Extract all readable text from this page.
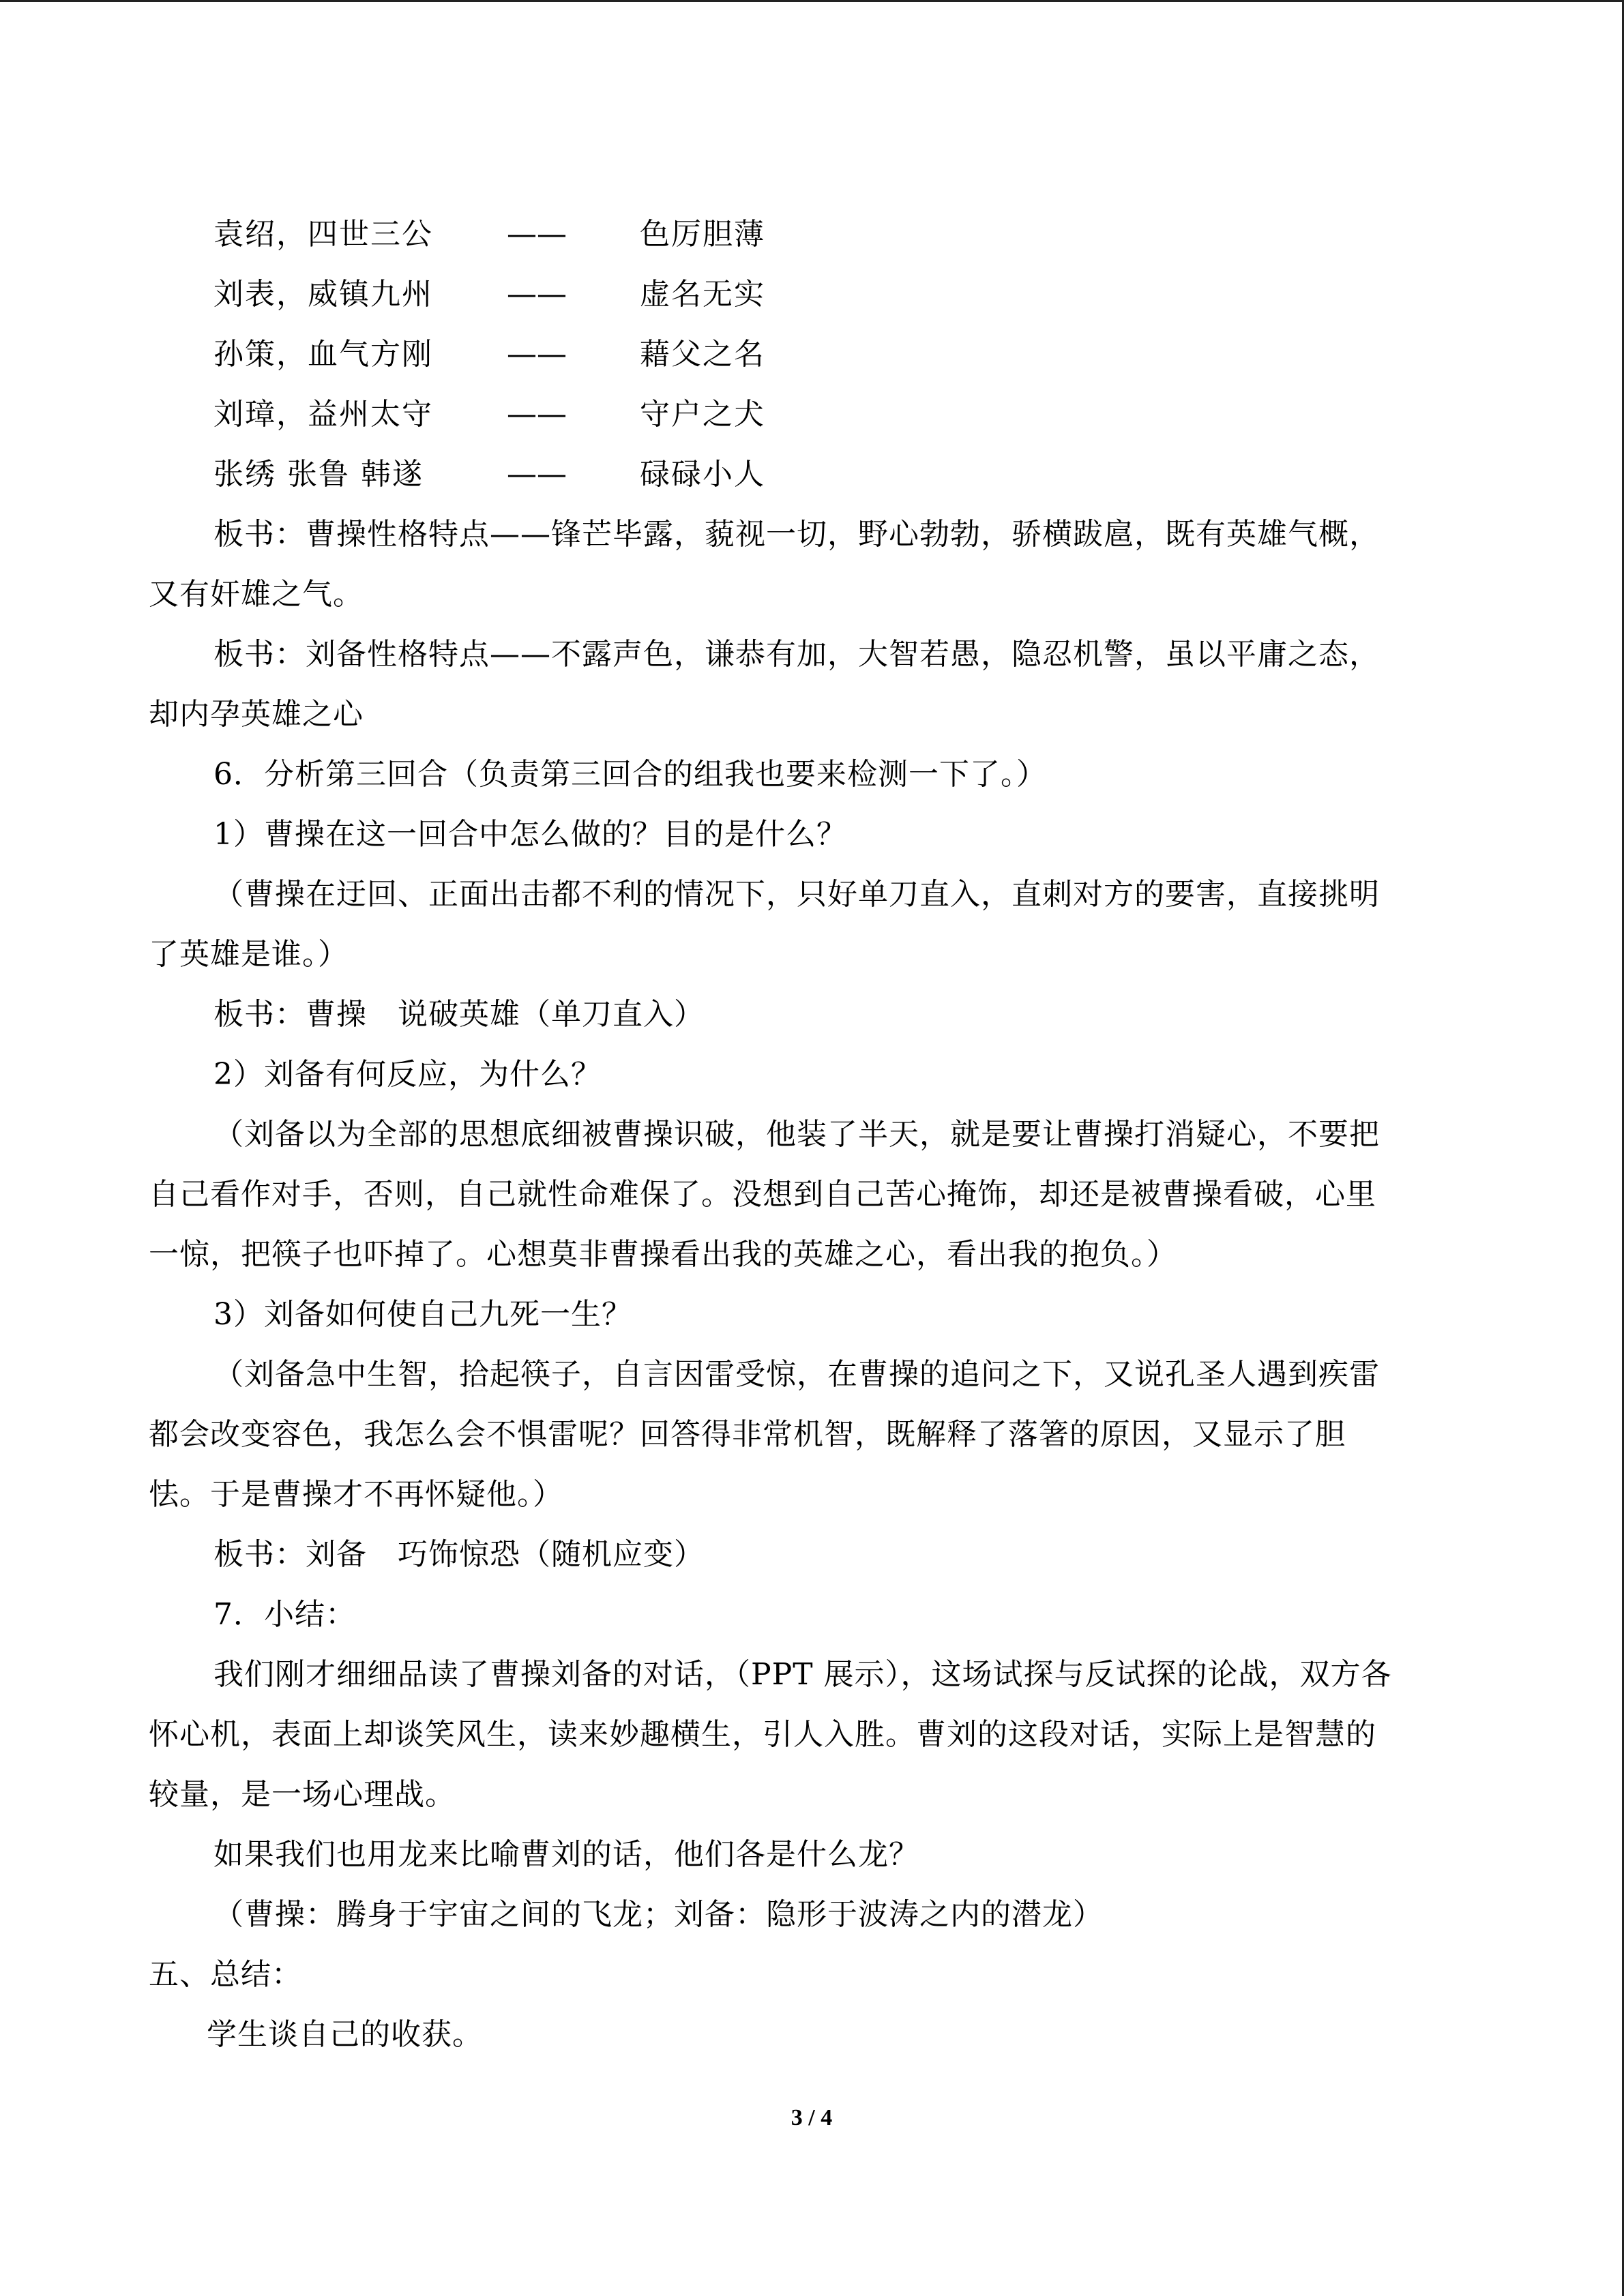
袁绍，四世三公 —— 色厉胆薄
刘表，威镇九州 —— 虚名无实
孙策，血气方刚 —— 藉父之名
刘璋，益州太守 —— 守户之犬
张绣 张鲁 韩遂	—— 碌碌小人
板书：曹操性格特点——锋芒毕露，藐视一切，野心勃勃，骄横跋扈，既有英雄气概，
又有奸雄之气。
板书：刘备性格特点——不露声色，谦恭有加，大智若愚，隐忍机警，虽以平庸之态，
却内孕英雄之心
6．分析第三回合（负责第三回合的组我也要来检测一下了。）
1）曹操在这一回合中怎么做的？目的是什么？
（曹操在迂回、正面出击都不利的情况下，只好单刀直入，直刺对方的要害，直接挑明
了英雄是谁。）
板书：曹操　说破英雄（单刀直入）
2）刘备有何反应，为什么？
（刘备以为全部的思想底细被曹操识破，他装了半天，就是要让曹操打消疑心，不要把
自己看作对手，否则，自己就性命难保了。没想到自己苦心掩饰，却还是被曹操看破，心里
一惊，把筷子也吓掉了。心想莫非曹操看出我的英雄之心，看出我的抱负。）
3）刘备如何使自己九死一生？
（刘备急中生智，拾起筷子，自言因雷受惊，在曹操的追问之下，又说孔圣人遇到疾雷
都会改变容色，我怎么会不惧雷呢？回答得非常机智，既解释了落箸的原因，又显示了胆
怯。于是曹操才不再怀疑他。）
板书：刘备　巧饰惊恐（随机应变）
7．小结：
我们刚才细细品读了曹操刘备的对话，（PPT 展示），这场试探与反试探的论战，双方各
怀心机，表面上却谈笑风生，读来妙趣横生，引人入胜。曹刘的这段对话，实际上是智慧的
较量，是一场心理战。
如果我们也用龙来比喻曹刘的话，他们各是什么龙？
（曹操：腾身于宇宙之间的飞龙；刘备：隐形于波涛之内的潜龙）
五、总结：
学生谈自己的收获。
3 / 4
